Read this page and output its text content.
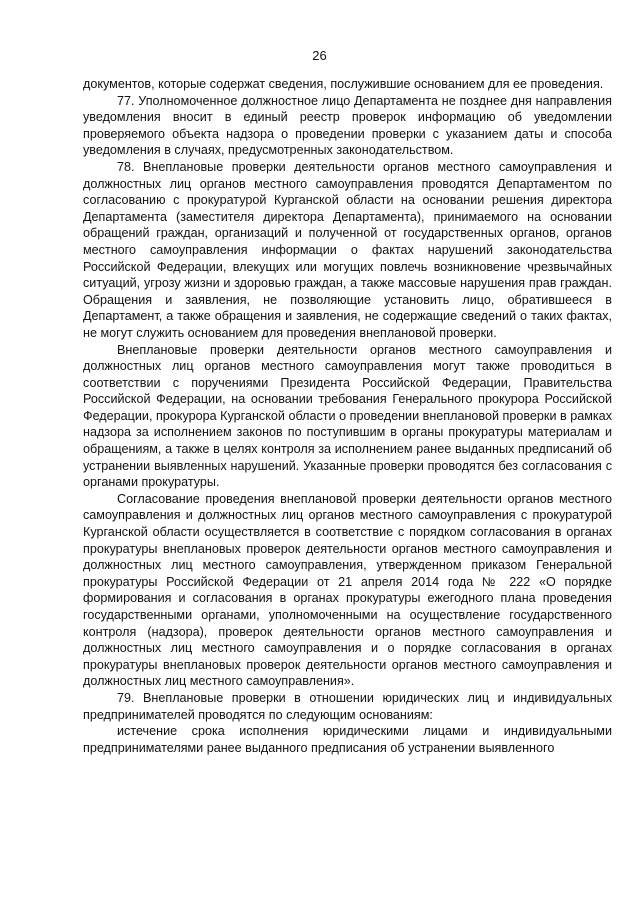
26

документов, которые содержат сведения, послужившие основанием для ее проведения.

77. Уполномоченное должностное лицо Департамента не позднее дня направления уведомления вносит в единый реестр проверок информацию об уведомлении проверяемого объекта надзора о проведении проверки с указанием даты и способа уведомления в случаях, предусмотренных законодательством.

78. Внеплановые проверки деятельности органов местного самоуправления и должностных лиц органов местного самоуправления проводятся Департаментом по согласованию с прокуратурой Курганской области на основании решения директора Департамента (заместителя директора Департамента), принимаемого на основании обращений граждан, организаций и полученной от государственных органов, органов местного самоуправления информации о фактах нарушений законодательства Российской Федерации, влекущих или могущих повлечь возникновение чрезвычайных ситуаций, угрозу жизни и здоровью граждан, а также массовые нарушения прав граждан. Обращения и заявления, не позволяющие установить лицо, обратившееся в Департамент, а также обращения и заявления, не содержащие сведений о таких фактах, не могут служить основанием для проведения внеплановой проверки.

Внеплановые проверки деятельности органов местного самоуправления и должностных лиц органов местного самоуправления могут также проводиться в соответствии с поручениями Президента Российской Федерации, Правительства Российской Федерации, на основании требования Генерального прокурора Российской Федерации, прокурора Курганской области о проведении внеплановой проверки в рамках надзора за исполнением законов по поступившим в органы прокуратуры материалам и обращениям, а также в целях контроля за исполнением ранее выданных предписаний об устранении выявленных нарушений. Указанные проверки проводятся без согласования с органами прокуратуры.

Согласование проведения внеплановой проверки деятельности органов местного самоуправления и должностных лиц органов местного самоуправления с прокуратурой Курганской области осуществляется в соответствие с порядком согласования в органах прокуратуры внеплановых проверок деятельности органов местного самоуправления и должностных лиц местного самоуправления, утвержденном приказом Генеральной прокуратуры Российской Федерации от 21 апреля 2014 года № 222 «О порядке формирования и согласования в органах прокуратуры ежегодного плана проведения государственными органами, уполномоченными на осуществление государственного контроля (надзора), проверок деятельности органов местного самоуправления и должностных лиц местного самоуправления и о порядке согласования в органах прокуратуры внеплановых проверок деятельности органов местного самоуправления и должностных лиц местного самоуправления».

79. Внеплановые проверки в отношении юридических лиц и индивидуальных предпринимателей проводятся по следующим основаниям:

истечение срока исполнения юридическими лицами и индивидуальными предпринимателями ранее выданного предписания об устранении выявленного
